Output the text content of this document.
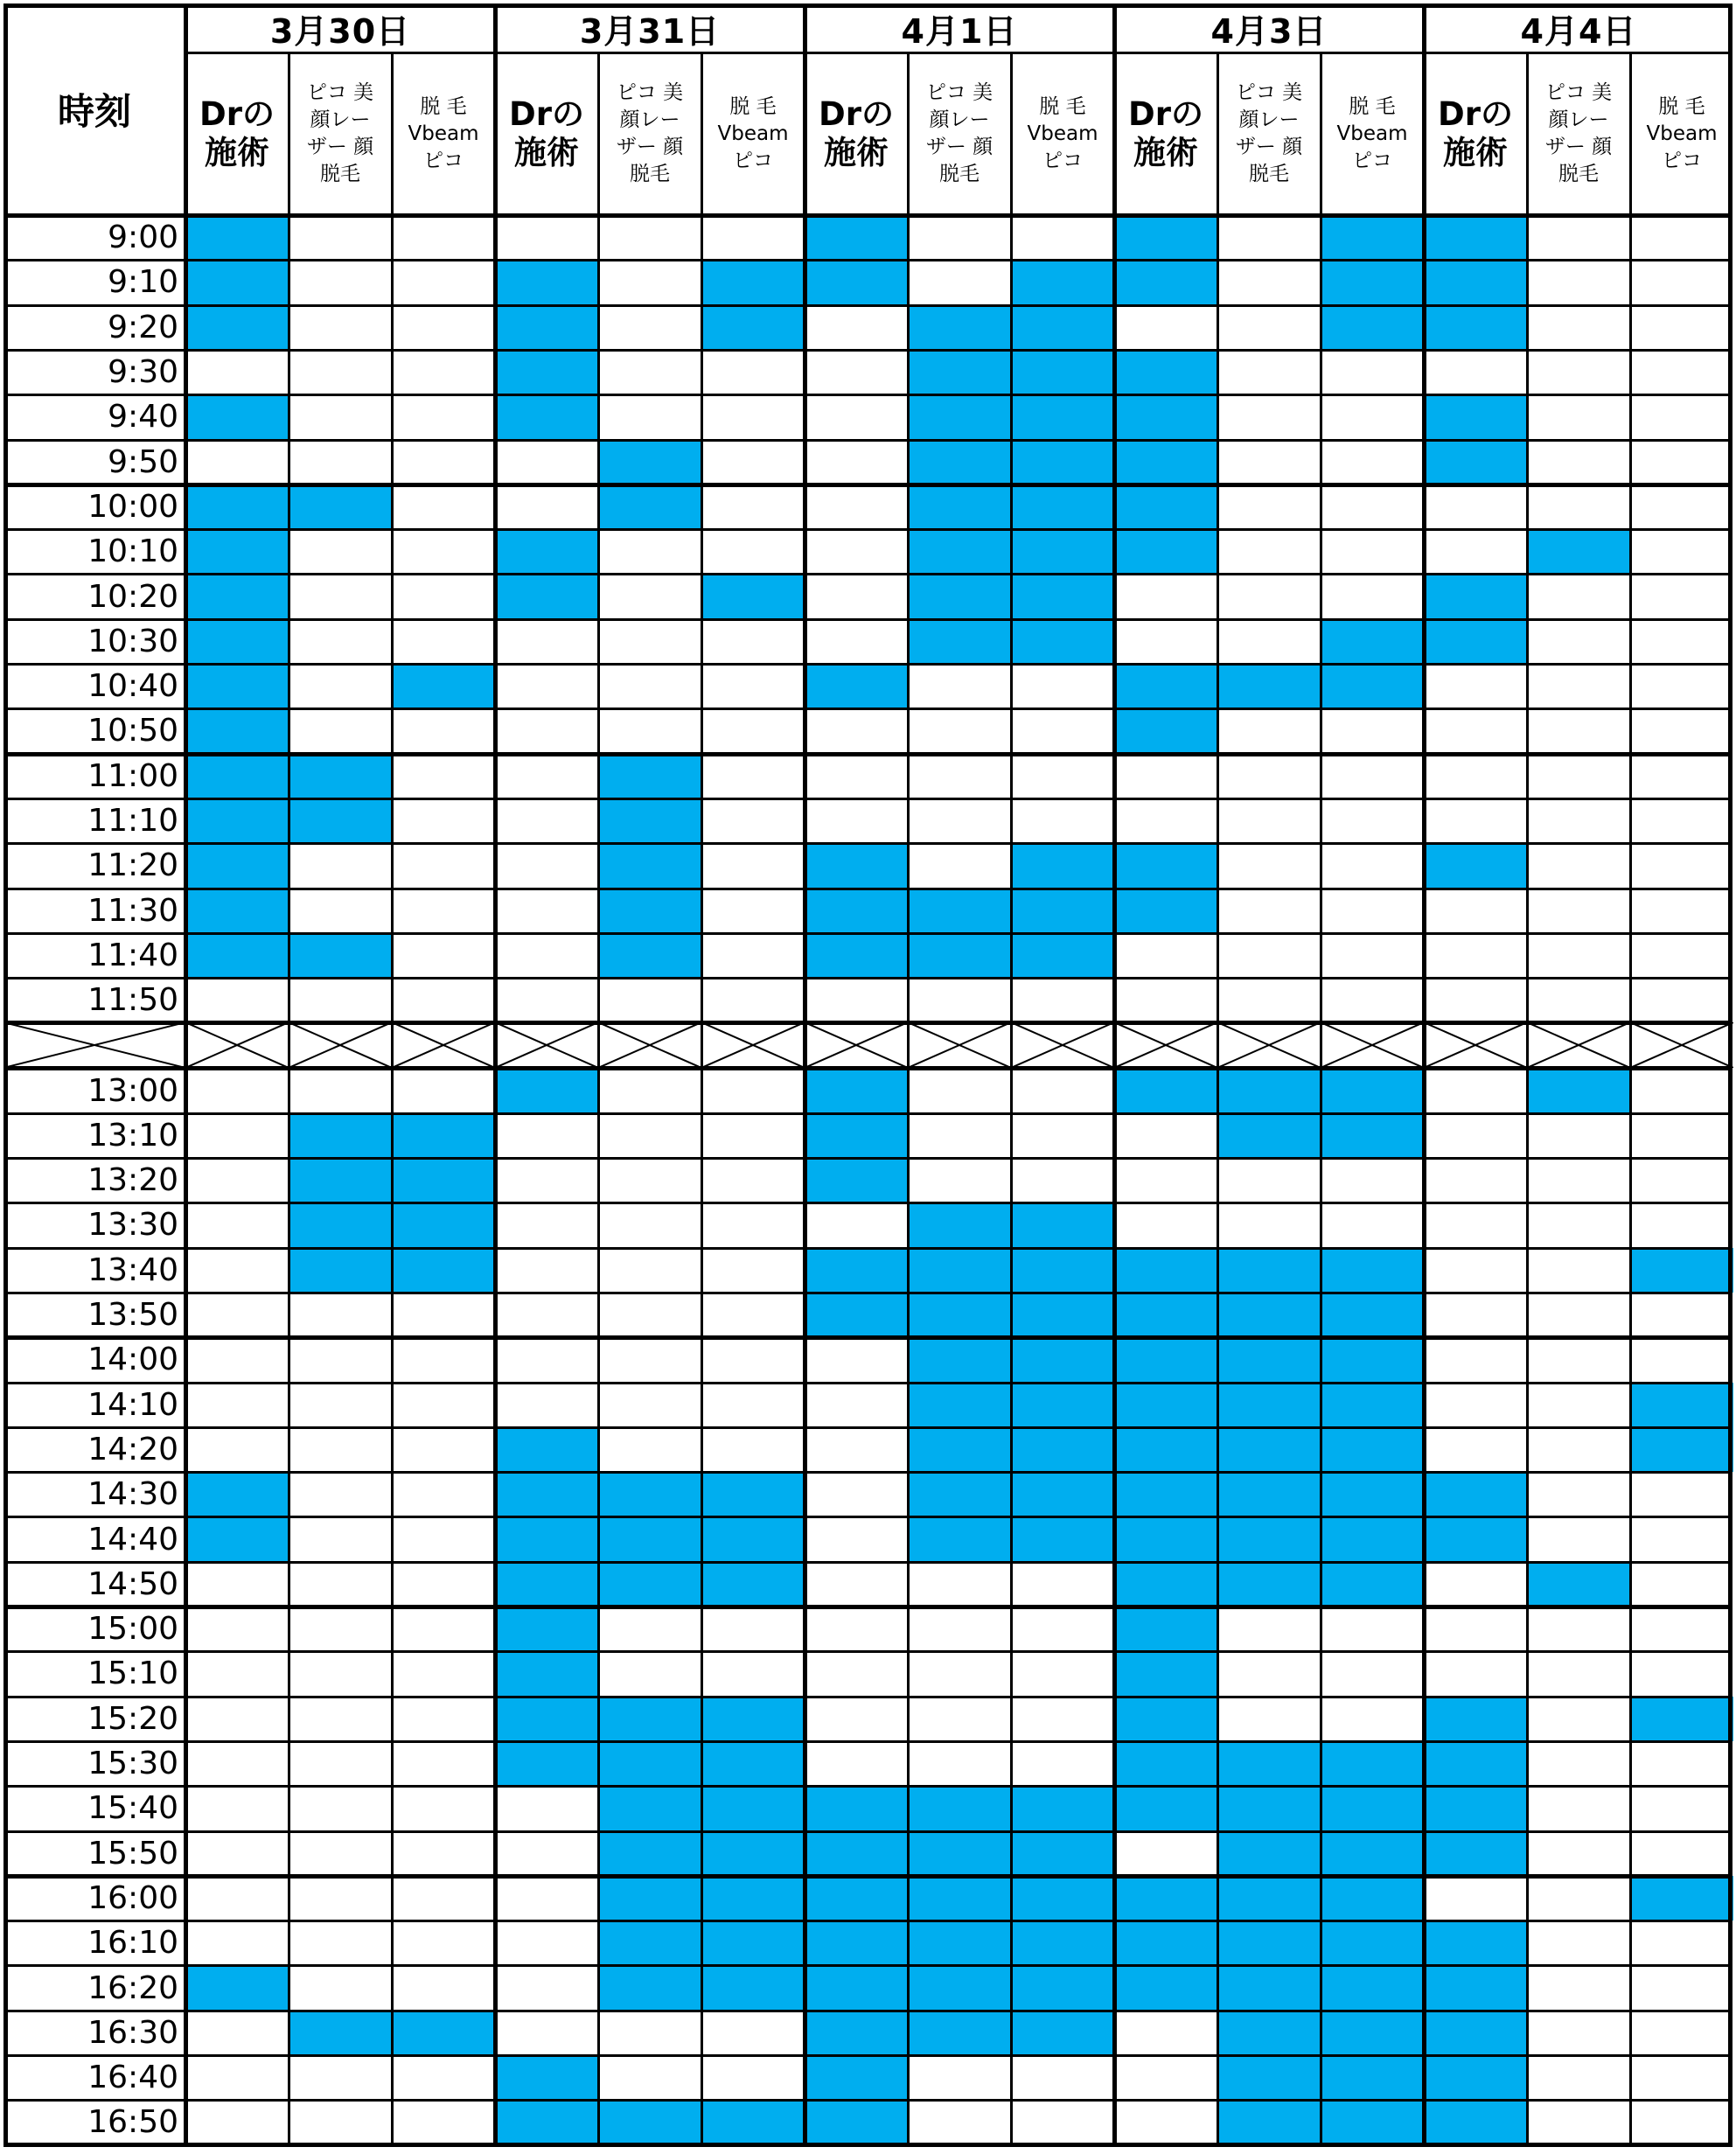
時刻
3月30日
Drの
施術
ピコ 美
顔レー
ザー 顔
脱毛
脱 毛
Vbeam
ピコ
3月31日
Drの
施術
ピコ 美
顔レー
ザー 顔
脱毛
脱 毛
Vbeam
ピコ
4月1日
Drの
施術
ピコ 美
顔レー
ザー 顔
脱毛
脱 毛
Vbeam
ピコ
4月3日
Drの
施術
ピコ 美
顔レー
ザー 顔
脱毛
脱 毛
Vbeam
ピコ
4月4日
Drの
施術
ピコ 美
顔レー
ザー 顔
脱毛
脱 毛
Vbeam
ピコ
9:00
9:10
9:20
9:30
9:40
9:50
10:00
10:10
10:20
10:30
10:40
10:50
11:00
11:10
11:20
11:30
11:40
11:50
13:00
13:10
13:20
13:30
13:40
13:50
14:00
14:10
14:20
14:30
14:40
14:50
15:00
15:10
15:20
15:30
15:40
15:50
16:00
16:10
16:20
16:30
16:40
16:50
